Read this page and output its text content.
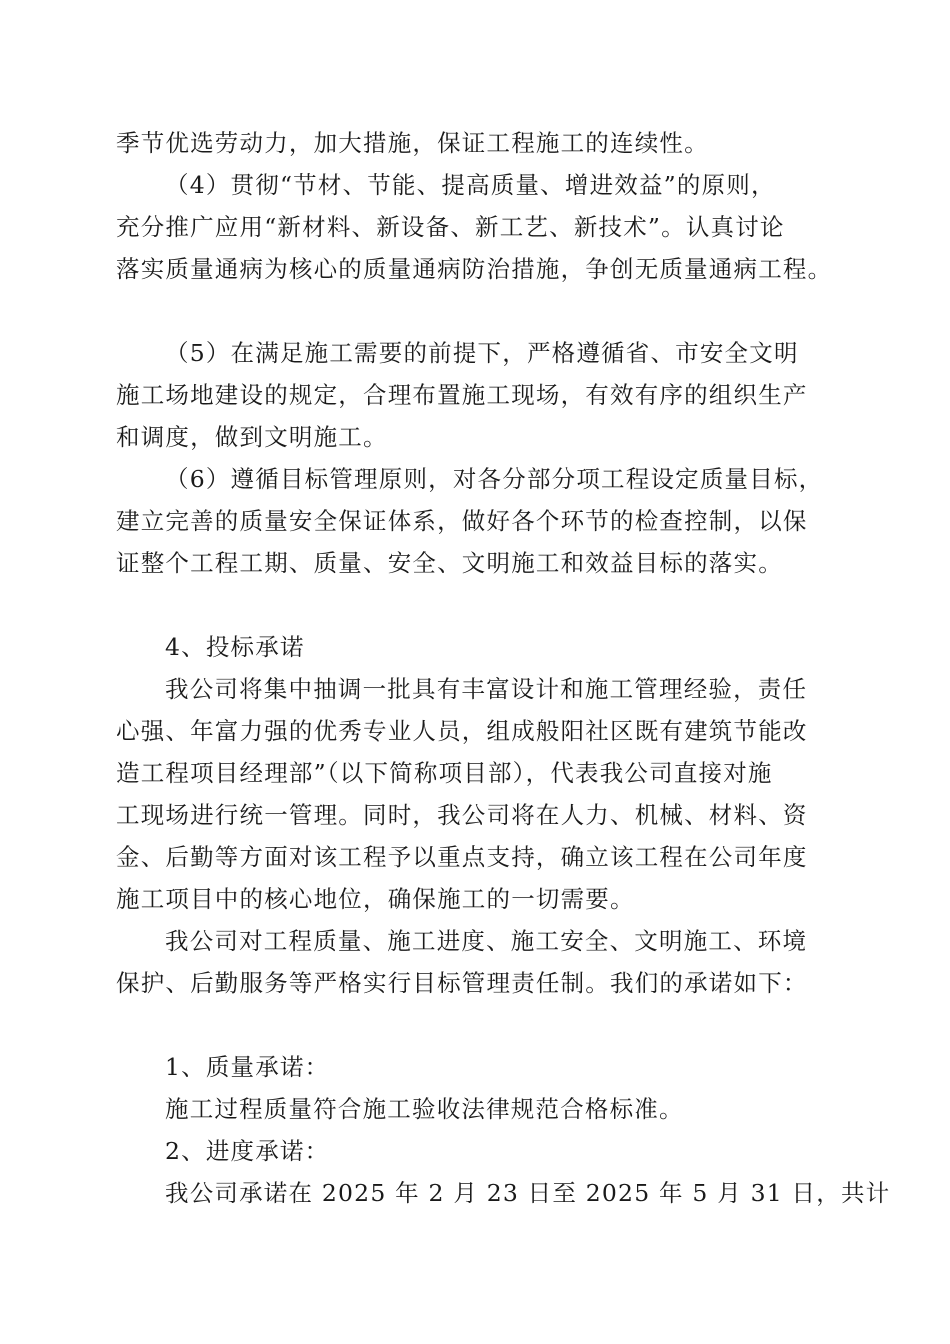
季节优选劳动力，加大措施，保证工程施工的连续性。
（4）贯彻“节材、节能、提高质量、增进效益”的原则，
充分推广应用“新材料、新设备、新工艺、新技术”。认真讨论
落实质量通病为核心的质量通病防治措施，争创无质量通病工程。
（5）在满足施工需要的前提下，严格遵循省、市安全文明
施工场地建设的规定，合理布置施工现场，有效有序的组织生产
和调度，做到文明施工。
（6）遵循目标管理原则，对各分部分项工程设定质量目标，
建立完善的质量安全保证体系，做好各个环节的检查控制，以保
证整个工程工期、质量、安全、文明施工和效益目标的落实。
4、投标承诺
我公司将集中抽调一批具有丰富设计和施工管理经验，责任
心强、年富力强的优秀专业人员，组成般阳社区既有建筑节能改
造工程项目经理部”（以下简称项目部），代表我公司直接对施
工现场进行统一管理。同时，我公司将在人力、机械、材料、资
金、后勤等方面对该工程予以重点支持，确立该工程在公司年度
施工项目中的核心地位，确保施工的一切需要。
我公司对工程质量、施工进度、施工安全、文明施工、环境
保护、后勤服务等严格实行目标管理责任制。我们的承诺如下：
1、质量承诺：
施工过程质量符合施工验收法律规范合格标准。
2、进度承诺：
我公司承诺在 2025 年 2 月 23 日至 2025 年 5 月 31 日，共计
